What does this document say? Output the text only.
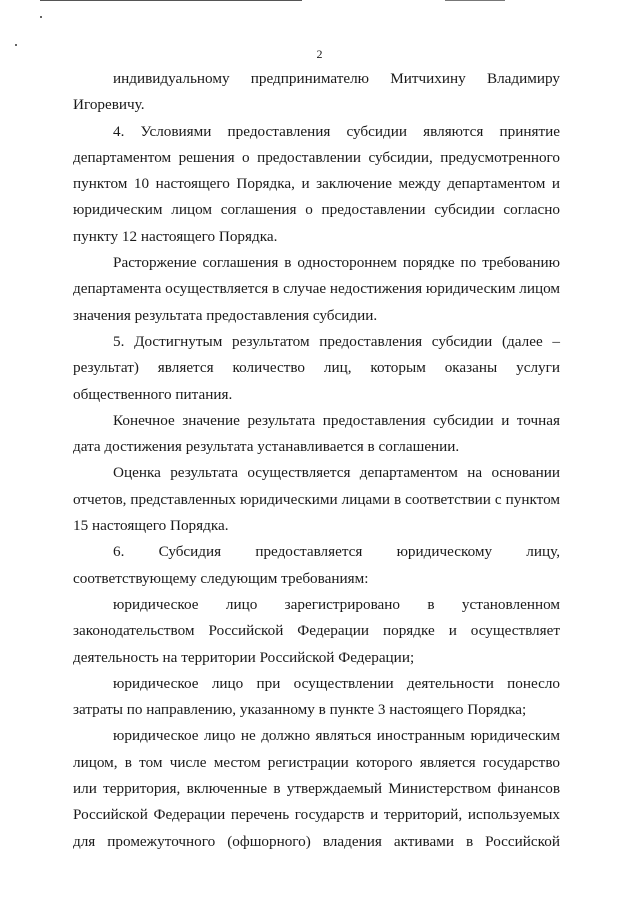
2

индивидуальному предпринимателю Митчихину Владимиру Игоревичу.

4. Условиями предоставления субсидии являются принятие департаментом решения о предоставлении субсидии, предусмотренного пунктом 10 настоящего Порядка, и заключение между департаментом и юридическим лицом соглашения о предоставлении субсидии согласно пункту 12 настоящего Порядка.

Расторжение соглашения в одностороннем порядке по требованию департамента осуществляется в случае недостижения юридическим лицом значения результата предоставления субсидии.

5. Достигнутым результатом предоставления субсидии (далее – результат) является количество лиц, которым оказаны услуги общественного питания.

Конечное значение результата предоставления субсидии и точная дата достижения результата устанавливается в соглашении.

Оценка результата осуществляется департаментом на основании отчетов, представленных юридическими лицами в соответствии с пунктом 15 настоящего Порядка.

6. Субсидия предоставляется юридическому лицу, соответствующему следующим требованиям:

юридическое лицо зарегистрировано в установленном законодательством Российской Федерации порядке и осуществляет деятельность на территории Российской Федерации;

юридическое лицо при осуществлении деятельности понесло затраты по направлению, указанному в пункте 3 настоящего Порядка;

юридическое лицо не должно являться иностранным юридическим лицом, в том числе местом регистрации которого является государство или территория, включенные в утверждаемый Министерством финансов Российской Федерации перечень государств и территорий, используемых для промежуточного (офшорного) владения активами в Российской
